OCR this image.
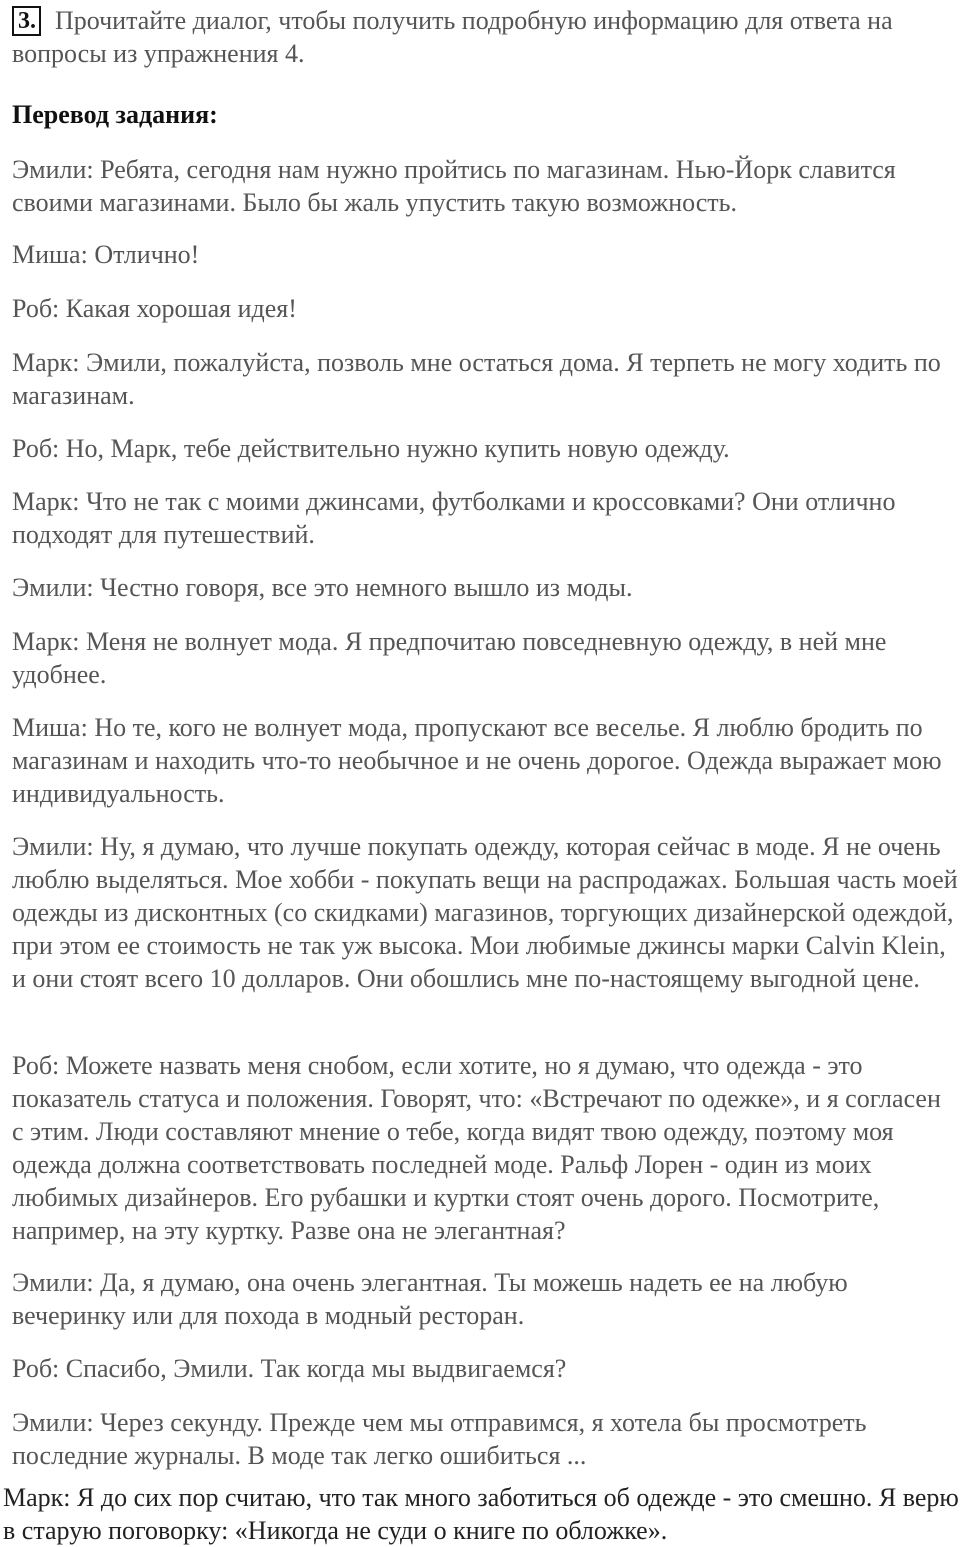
3. Прочитайте диалог, чтобы получить подробную информацию для ответа на вопросы из упражнения 4.
Перевод задания:

Эмили: Ребята, сегодня нам нужно пройтись по магазинам. Нью-Йорк славится своими магазинами. Было бы жаль упустить такую возможность.

Миша: Отлично!

Роб: Какая хорошая идея!

Марк: Эмили, пожалуйста, позволь мне остаться дома. Я терпеть не могу ходить по магазинам.

Роб: Но, Марк, тебе действительно нужно купить новую одежду.

Марк: Что не так с моими джинсами, футболками и кроссовками? Они отлично подходят для путешествий.

Эмили: Честно говоря, все это немного вышло из моды.

Марк: Меня не волнует мода. Я предпочитаю повседневную одежду, в ней мне удобнее.

Миша: Но те, кого не волнует мода, пропускают все веселье. Я люблю бродить по магазинам и находить что-то необычное и не очень дорогое. Одежда выражает мою индивидуальность.

Эмили: Ну, я думаю, что лучше покупать одежду, которая сейчас в моде. Я не очень люблю выделяться. Мое хобби - покупать вещи на распродажах. Большая часть моей одежды из дисконтных (со скидками) магазинов, торгующих дизайнерской одеждой, при этом ее стоимость не так уж высока. Мои любимые джинсы марки Calvin Klein, и они стоят всего 10 долларов. Они обошлись мне по-настоящему выгодной цене.

Роб: Можете назвать меня снобом, если хотите, но я думаю, что одежда - это показатель статуса и положения. Говорят, что: «Встречают по одежке», и я согласен с этим. Люди составляют мнение о тебе, когда видят твою одежду, поэтому моя одежда должна соответствовать последней моде. Ральф Лорен - один из моих любимых дизайнеров. Его рубашки и куртки стоят очень дорого. Посмотрите, например, на эту куртку. Разве она не элегантная?

Эмили: Да, я думаю, она очень элегантная. Ты можешь надеть ее на любую вечеринку или для похода в модный ресторан.

Роб: Спасибо, Эмили. Так когда мы выдвигаемся?

Эмили: Через секунду. Прежде чем мы отправимся, я хотела бы просмотреть последние журналы. В моде так легко ошибиться ...

Марк: Я до сих пор считаю, что так много заботиться об одежде - это смешно. Я верю в старую поговорку: «Никогда не суди о книге по обложке».
